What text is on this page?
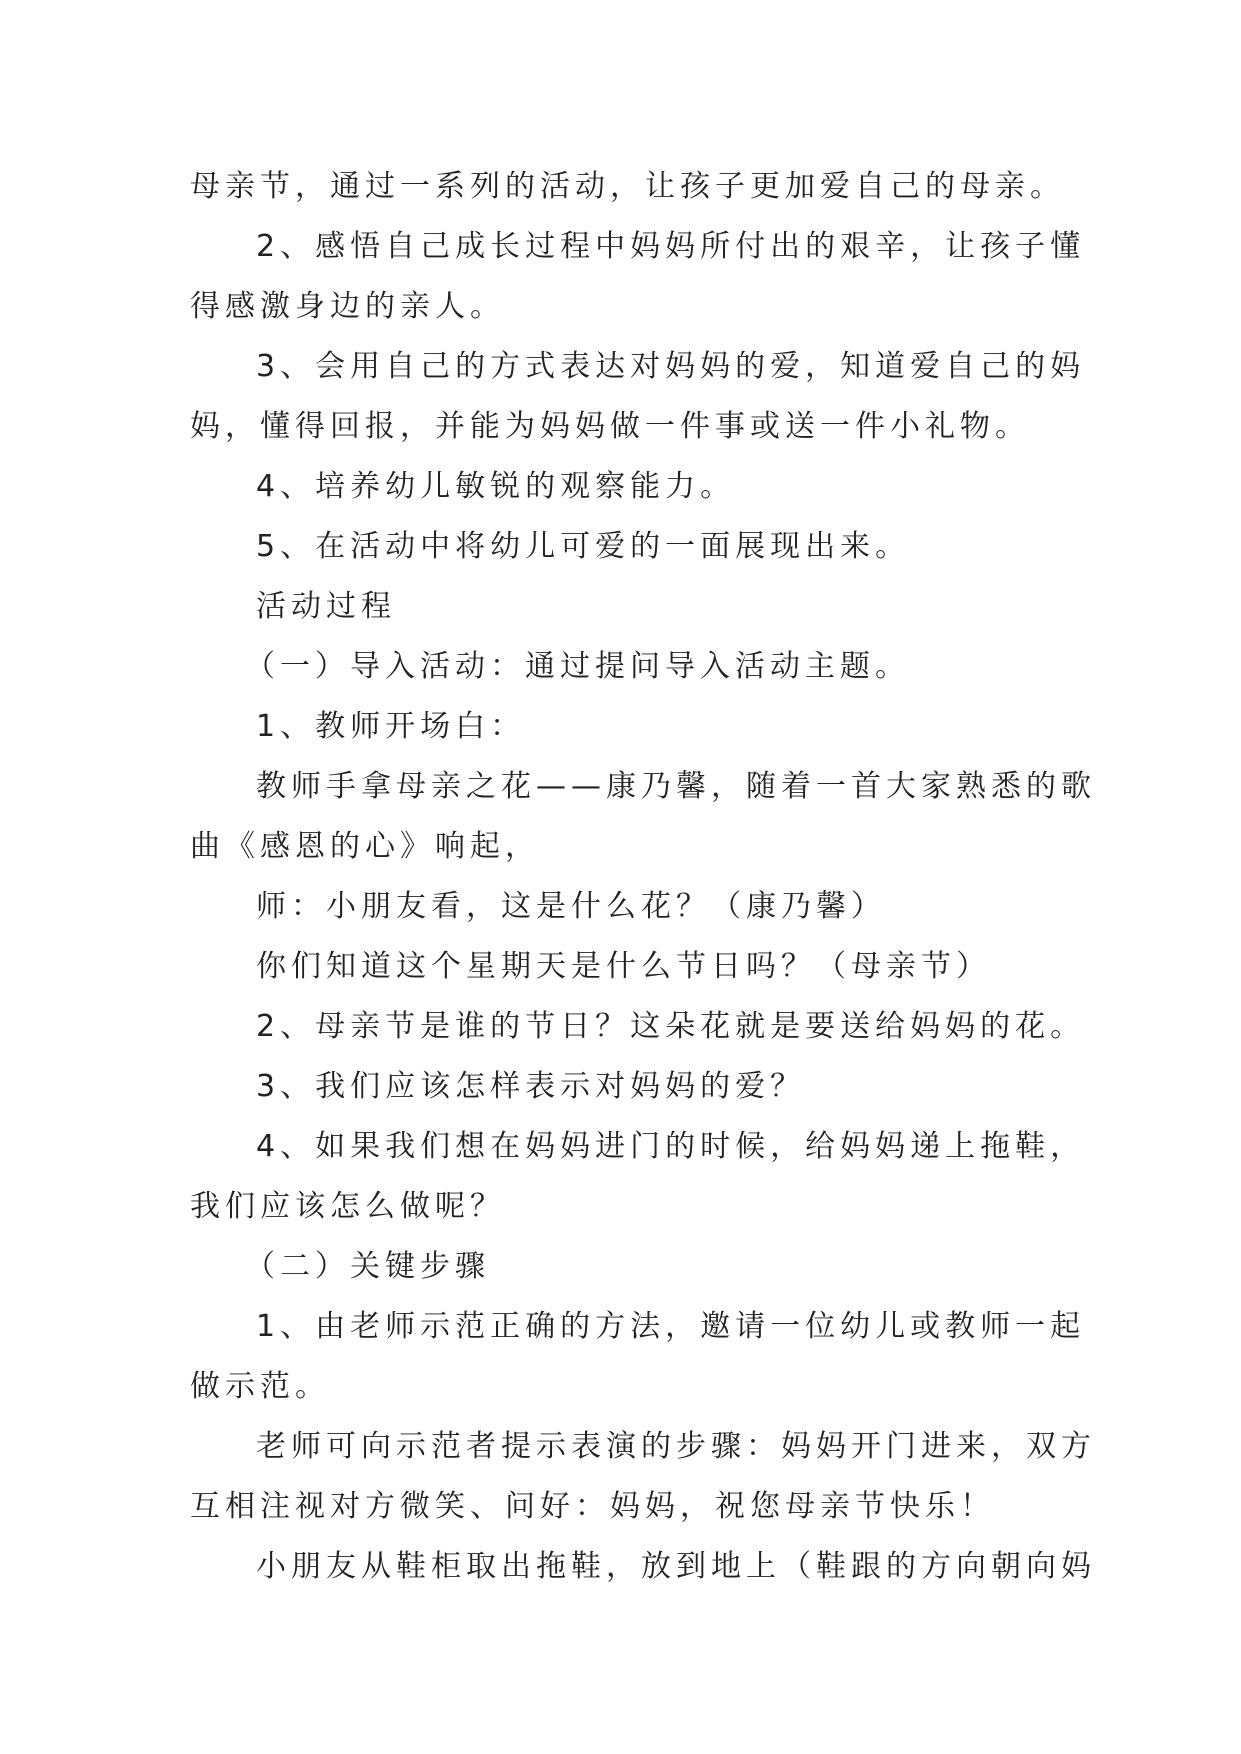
母亲节，通过一系列的活动，让孩子更加爱自己的母亲。

2、感悟自己成长过程中妈妈所付出的艰辛，让孩子懂

得感激身边的亲人。

3、会用自己的方式表达对妈妈的爱，知道爱自己的妈

妈，懂得回报，并能为妈妈做一件事或送一件小礼物。

4、培养幼儿敏锐的观察能力。

5、在活动中将幼儿可爱的一面展现出来。

活动过程

（一）导入活动：通过提问导入活动主题。

1、教师开场白：

教师手拿母亲之花——康乃馨，随着一首大家熟悉的歌

曲《感恩的心》响起，

师：小朋友看，这是什么花？（康乃馨）

你们知道这个星期天是什么节日吗？（母亲节）

2、母亲节是谁的节日？这朵花就是要送给妈妈的花。

3、我们应该怎样表示对妈妈的爱？

4、如果我们想在妈妈进门的时候，给妈妈递上拖鞋，

我们应该怎么做呢？

（二）关键步骤

1、由老师示范正确的方法，邀请一位幼儿或教师一起

做示范。

老师可向示范者提示表演的步骤：妈妈开门进来，双方

互相注视对方微笑、问好：妈妈，祝您母亲节快乐！

小朋友从鞋柜取出拖鞋，放到地上（鞋跟的方向朝向妈
